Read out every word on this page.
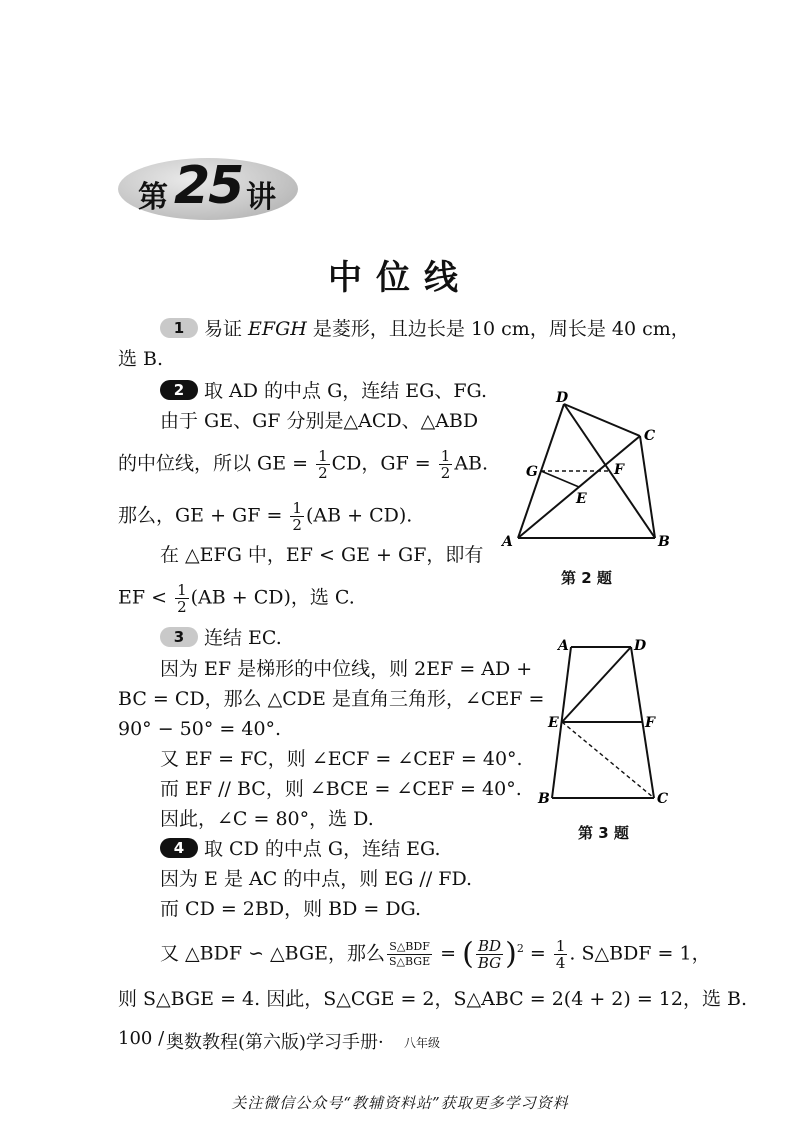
第 25 讲
中位线
1 易证 EFGH 是菱形，且边长是 10 cm，周长是 40 cm，
选 B.
2 取 AD 的中点 G，连结 EG、FG.
由于 GE、GF 分别是△ACD、△ABD
的中位线，所以 GE = $\frac{1}{2}$ CD，GF = $\frac{1}{2}$ AB.
那么，GE + GF = $\frac{1}{2} (AB + CD)$.
在 △EFG 中，EF < GE + GF，即有
EF < $\frac{1}{2} (AB + CD)$，选 C.
D
C
G	F
E
A	B
第 2 题
3 连结 EC.
因为 EF 是梯形的中位线，则 2EF = AD +
BC = CD，那么 △CDE 是直角三角形，∠CEF =
90° − 50° = 40°.
又 EF = FC，则 ∠ECF = ∠CEF = 40°.
而 EF // BC，则 ∠BCE = ∠CEF = 40°.
因此，∠C = 80°，选 D.
A	D
E	F
B	C
第 3 题
4 取 CD 的中点 G，连结 EG.
因为 E 是 AC 的中点，则 EG // FD.
而 CD = 2BD，则 BD = DG.
又 △BDF ∽ △BGE，那么 $\frac{\text{S△BDF}}{\text{S△BGE}}$ = ( $\frac{BD}{BG} )^2 = \frac{1}{4}$ . S△BDF = 1，
则 S△BGE = 4. 因此，S△CGE = 2，S△ABC = 2(4 + 2) = 12，选 B.
100 / 奥数教程(第六版)学习手册· 八年级
关注微信公众号“教辅资料站”获取更多学习资料
